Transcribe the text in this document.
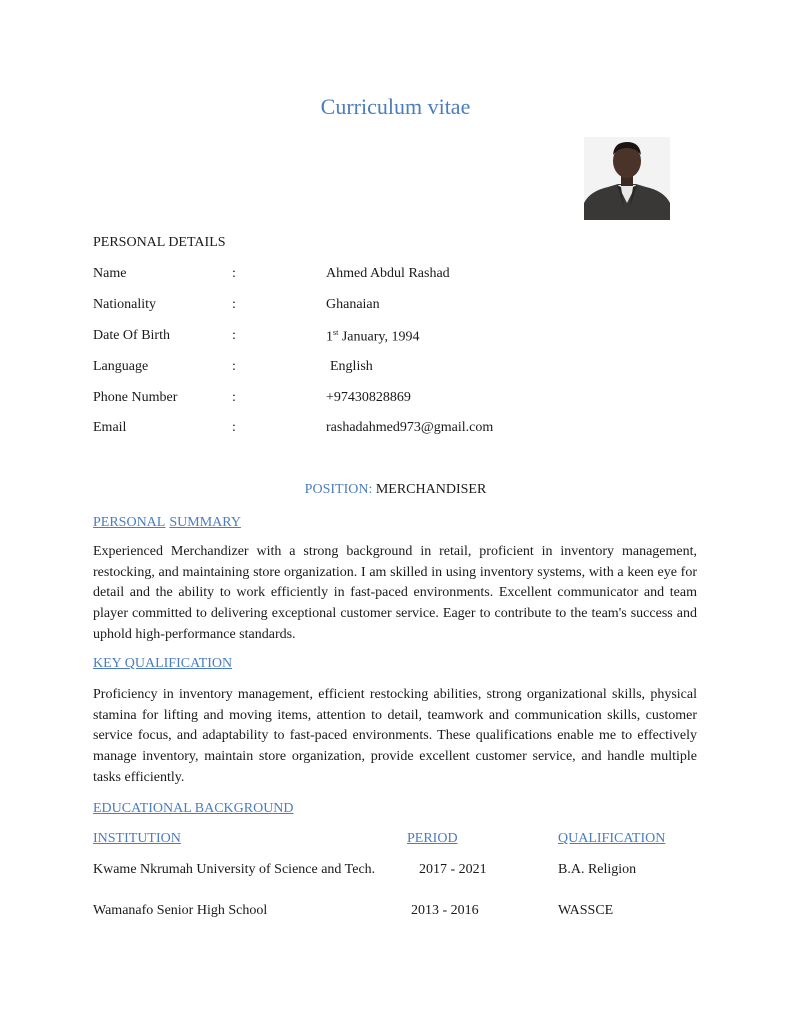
Curriculum vitae
PERSONAL DETAILS
Name	:	Ahmed Abdul Rashad
Nationality	:	Ghanaian
Date Of Birth	:	1st January, 1994
Language	:	English
Phone Number	:	+97430828869
Email	:	rashadahmed973@gmail.com
POSITION: MERCHANDISER
PERSONAL SUMMARY
Experienced Merchandizer with a strong background in retail, proficient in inventory management, restocking, and maintaining store organization. I am skilled in using inventory systems, with a keen eye for detail and the ability to work efficiently in fast-paced environments. Excellent communicator and team player committed to delivering exceptional customer service. Eager to contribute to the team's success and uphold high-performance standards.
KEY QUALIFICATION
Proficiency in inventory management, efficient restocking abilities, strong organizational skills, physical stamina for lifting and moving items, attention to detail, teamwork and communication skills, customer service focus, and adaptability to fast-paced environments. These qualifications enable me to effectively manage inventory, maintain store organization, provide excellent customer service, and handle multiple tasks efficiently.
EDUCATIONAL BACKGROUND
INSTITUTION	PERIOD	QUALIFICATION
Kwame Nkrumah University of Science and Tech.	2017 - 2021	B.A. Religion
Wamanafo Senior High School	2013 - 2016	WASSCE
